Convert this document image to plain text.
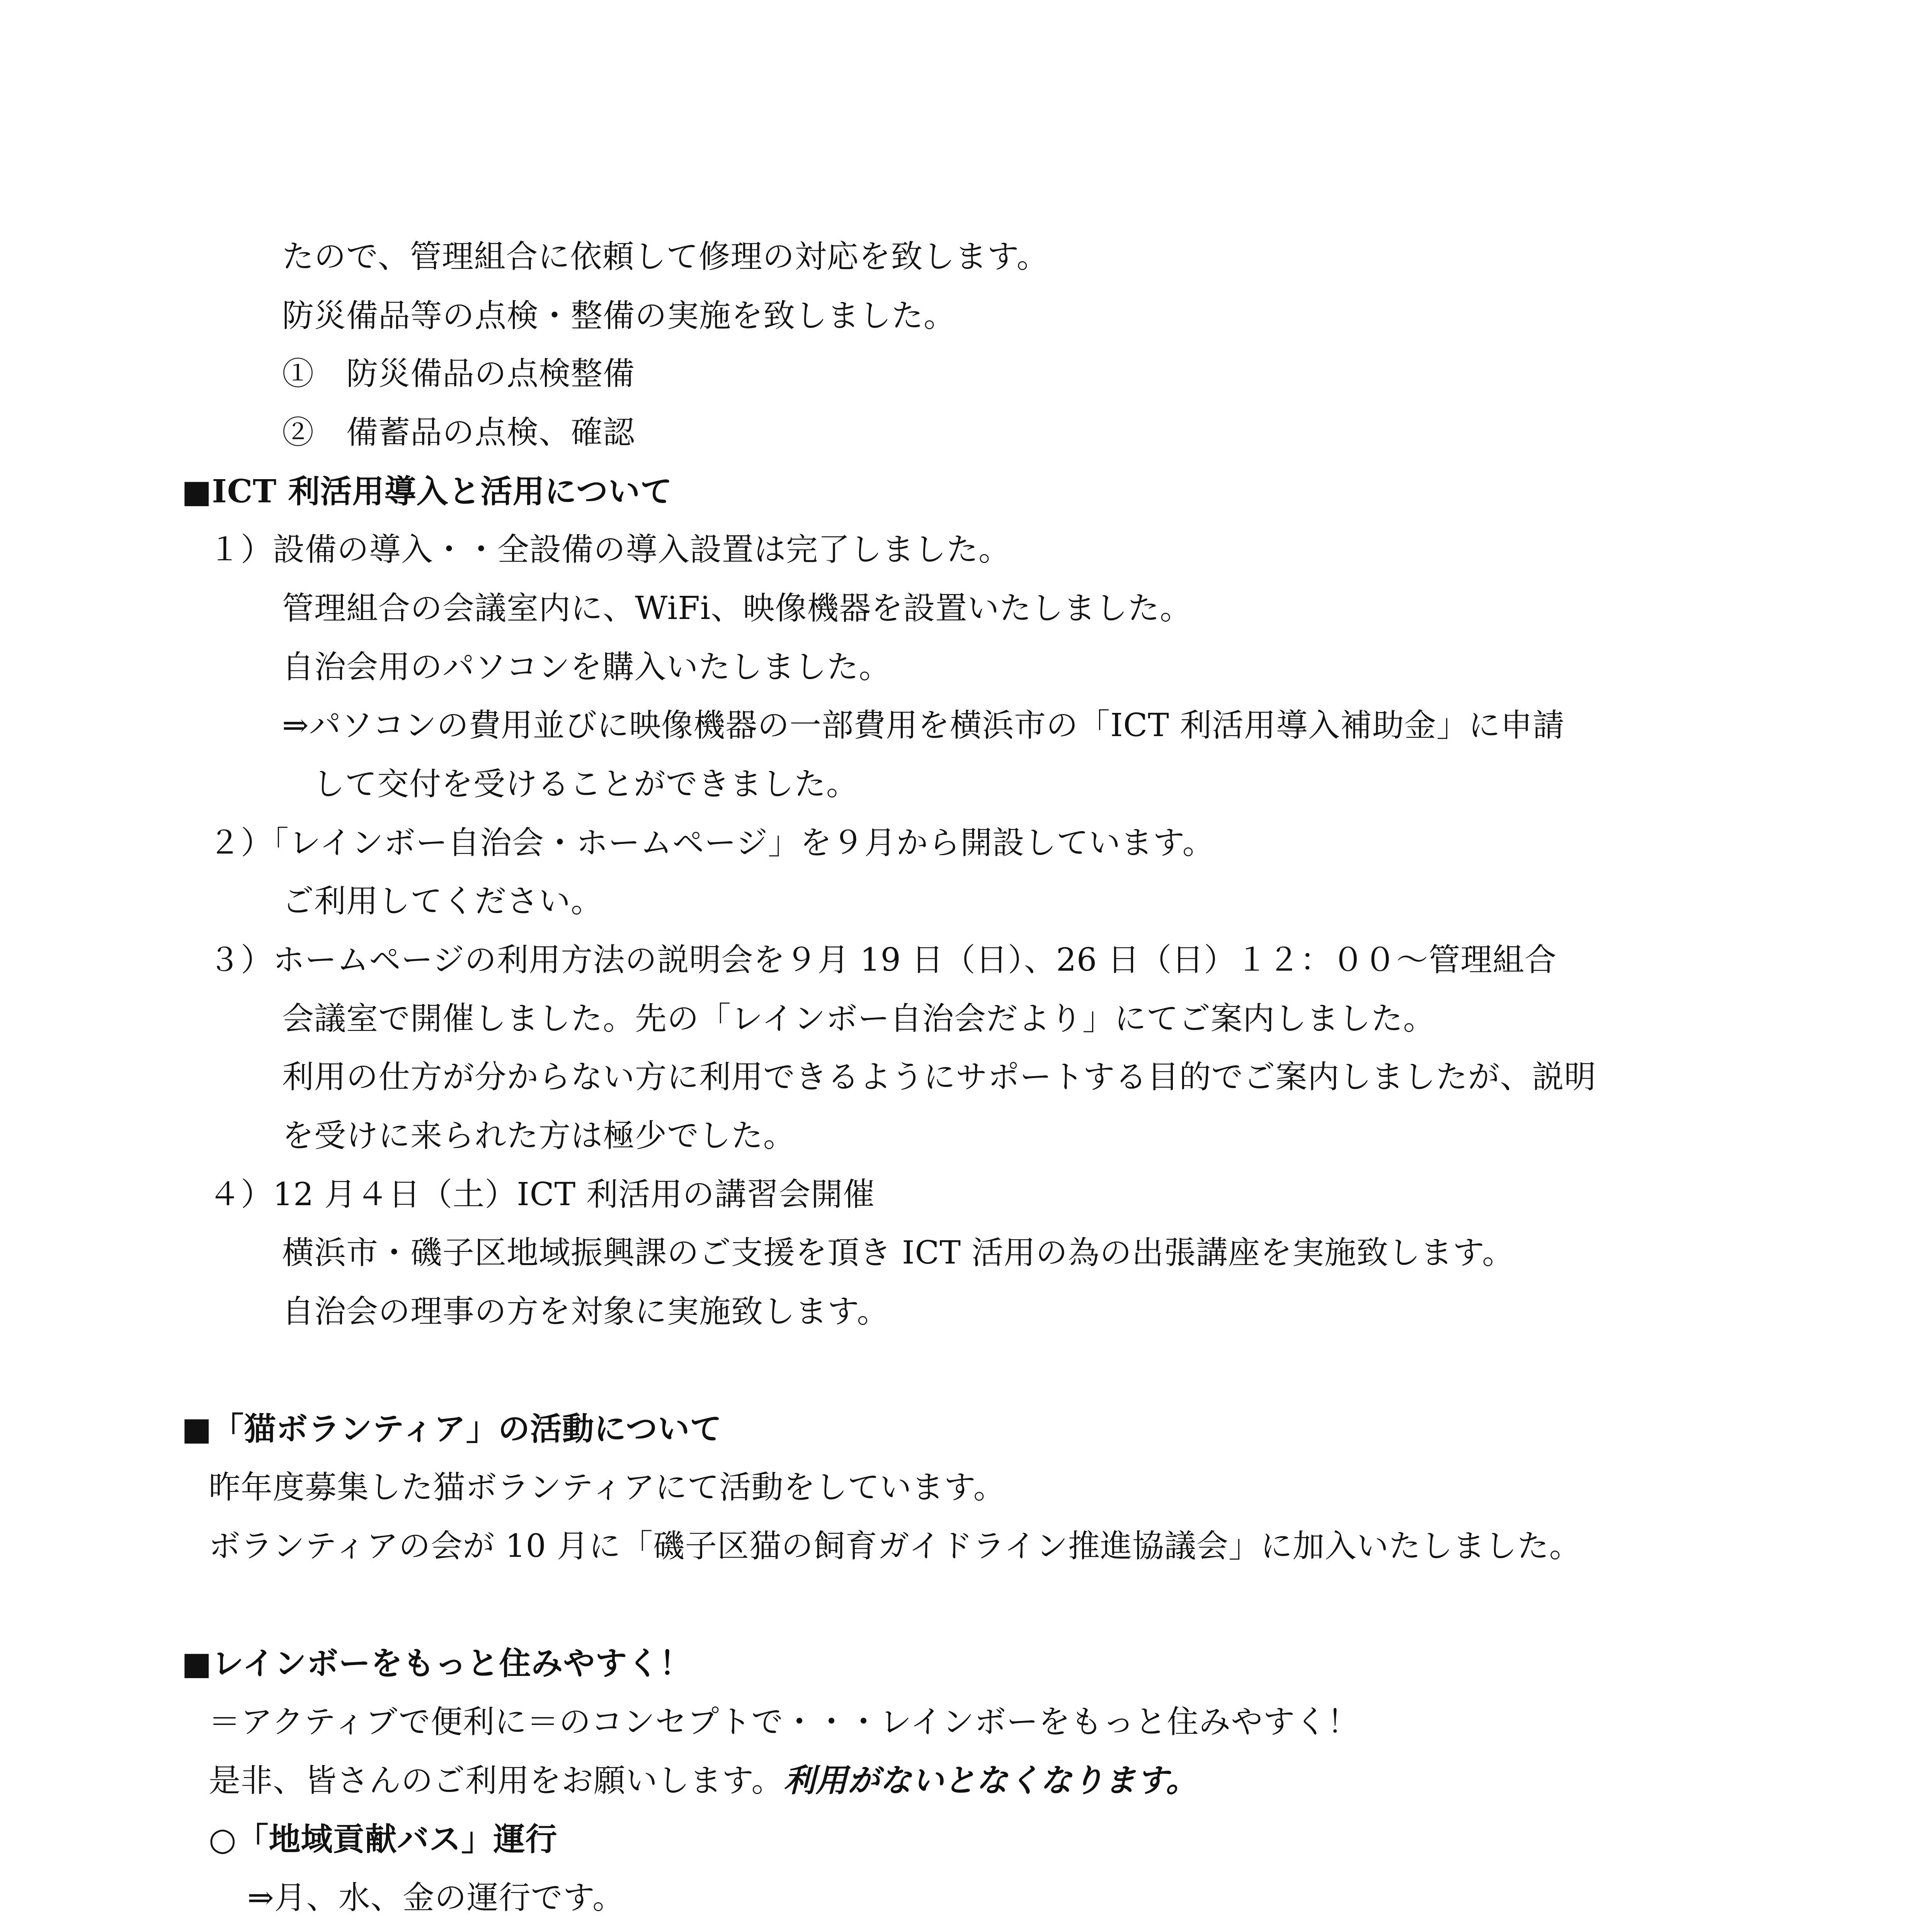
たので、管理組合に依頼して修理の対応を致します。
防災備品等の点検・整備の実施を致しました。
①　防災備品の点検整備
②　備蓄品の点検、確認
■ICT 利活用導入と活用について
１）設備の導入・・全設備の導入設置は完了しました。
管理組合の会議室内に、WiFi、映像機器を設置いたしました。
自治会用のパソコンを購入いたしました。
⇒パソコンの費用並びに映像機器の一部費用を横浜市の「ICT 利活用導入補助金」に申請
して交付を受けることができました。
２）「レインボー自治会・ホームページ」を９月から開設しています。
ご利用してください。
３）ホームページの利用方法の説明会を９月 19 日（日）、26 日（日）１２：００～管理組合
会議室で開催しました。先の「レインボー自治会だより」にてご案内しました。
利用の仕方が分からない方に利用できるようにサポートする目的でご案内しましたが、説明
を受けに来られた方は極少でした。
４）12 月４日（土）ICT 利活用の講習会開催
横浜市・磯子区地域振興課のご支援を頂き ICT 活用の為の出張講座を実施致します。
自治会の理事の方を対象に実施致します。
■「猫ボランティア」の活動について
昨年度募集した猫ボランティアにて活動をしています。
ボランティアの会が 10 月に「磯子区猫の飼育ガイドライン推進協議会」に加入いたしました。
■レインボーをもっと住みやすく！
＝アクティブで便利に＝のコンセプトで・・・レインボーをもっと住みやすく！
是非、皆さんのご利用をお願いします。利用がないとなくなります。
○「地域貢献バス」運行
⇒月、水、金の運行です。
